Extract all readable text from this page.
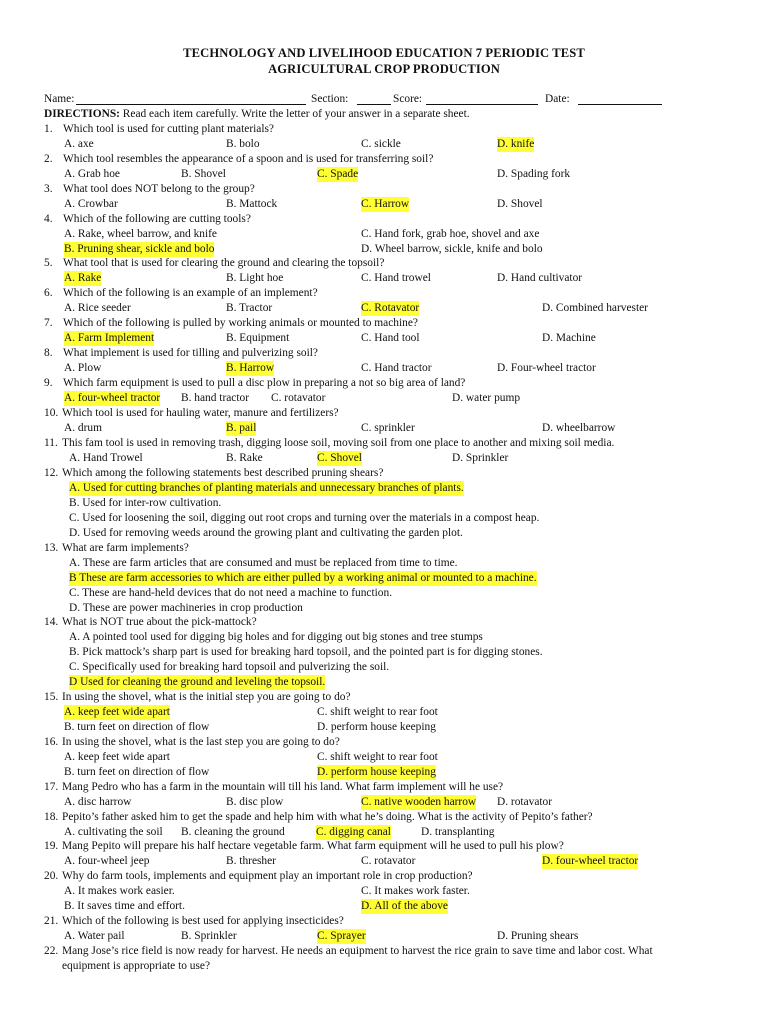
TECHNOLOGY AND LIVELIHOOD EDUCATION 7 PERIODIC TEST
AGRICULTURAL CROP PRODUCTION
Name:	Section:	Score:	Date:
DIRECTIONS: Read each item carefully. Write the letter of your answer in a separate sheet.
1. Which tool is used for cutting plant materials?
A. axe	B. bolo	C. sickle	D. knife
2. Which tool resembles the appearance of a spoon and is used for transferring soil?
A. Grab hoe	B. Shovel	C. Spade	D. Spading fork
3. What tool does NOT belong to the group?
A. Crowbar	B. Mattock	C. Harrow	D. Shovel
4. Which of the following are cutting tools?
A. Rake, wheel barrow, and knife
B. Pruning shear, sickle and bolo
C. Hand fork, grab hoe, shovel and axe
D. Wheel barrow, sickle, knife and bolo
5. What tool that is used for clearing the ground and clearing the topsoil?
A. Rake	B. Light hoe	C. Hand trowel	D. Hand cultivator
6. Which of the following is an example of an implement?
A. Rice seeder	B. Tractor	C. Rotavator	D. Combined harvester
7. Which of the following is pulled by working animals or mounted to machine?
A. Farm Implement	B. Equipment	C. Hand tool	D. Machine
8. What implement is used for tilling and pulverizing soil?
A. Plow	B. Harrow	C. Hand tractor	D. Four-wheel tractor
9. Which farm equipment is used to pull a disc plow in preparing a not so big area of land?
A. four-wheel tractor B. hand tractor C. rotavator	D. water pump
10. Which tool is used for hauling water, manure and fertilizers?
A. drum	B. pail	C. sprinkler	D. wheelbarrow
11. This fam tool is used in removing trash, digging loose soil, moving soil from one place to another and mixing soil media.
A. Hand Trowel	B. Rake	C. Shovel	D. Sprinkler
12. Which among the following statements best described pruning shears?
A. Used for cutting branches of planting materials and unnecessary branches of plants.
B. Used for inter-row cultivation.
C. Used for loosening the soil, digging out root crops and turning over the materials in a compost heap.
D. Used for removing weeds around the growing plant and cultivating the garden plot.
13. What are farm implements?
A. These are farm articles that are consumed and must be replaced from time to time.
B These are farm accessories to which are either pulled by a working animal or mounted to a machine.
C. These are hand-held devices that do not need a machine to function.
D. These are power machineries in crop production
14. What is NOT true about the pick-mattock?
A. A pointed tool used for digging big holes and for digging out big stones and tree stumps
B. Pick mattock’s sharp part is used for breaking hard topsoil, and the pointed part is for digging stones.
C. Specifically used for breaking hard topsoil and pulverizing the soil.
D Used for cleaning the ground and leveling the topsoil.
15. In using the shovel, what is the initial step you are going to do?
A. keep feet wide apart	C. shift weight to rear foot
B. turn feet on direction of flow	D. perform house keeping
16. In using the shovel, what is the last step you are going to do?
A. keep feet wide apart	C. shift weight to rear foot
B. turn feet on direction of flow	D. perform house keeping
17. Mang Pedro who has a farm in the mountain will till his land. What farm implement will he use?
A. disc harrow	B. disc plow	C. native wooden harrow D. rotavator
18. Pepito’s father asked him to get the spade and help him with what he’s doing. What is the activity of Pepito’s father?
A. cultivating the soil B. cleaning the ground	C. digging canal	D. transplanting
19. Mang Pepito will prepare his half hectare vegetable farm. What farm equipment will he used to pull his plow?
A. four-wheel jeep	B. thresher	C. rotavator	D. four-wheel tractor
20. Why do farm tools, implements and equipment play an important role in crop production?
A. It makes work easier.	C. It makes work faster.
B. It saves time and effort.	D. All of the above
21. Which of the following is best used for applying insecticides?
A. Water pail	B. Sprinkler	C. Sprayer	D. Pruning shears
22. Mang Jose’s rice field is now ready for harvest. He needs an equipment to harvest the rice grain to save time and labor cost. What
equipment is appropriate to use?
